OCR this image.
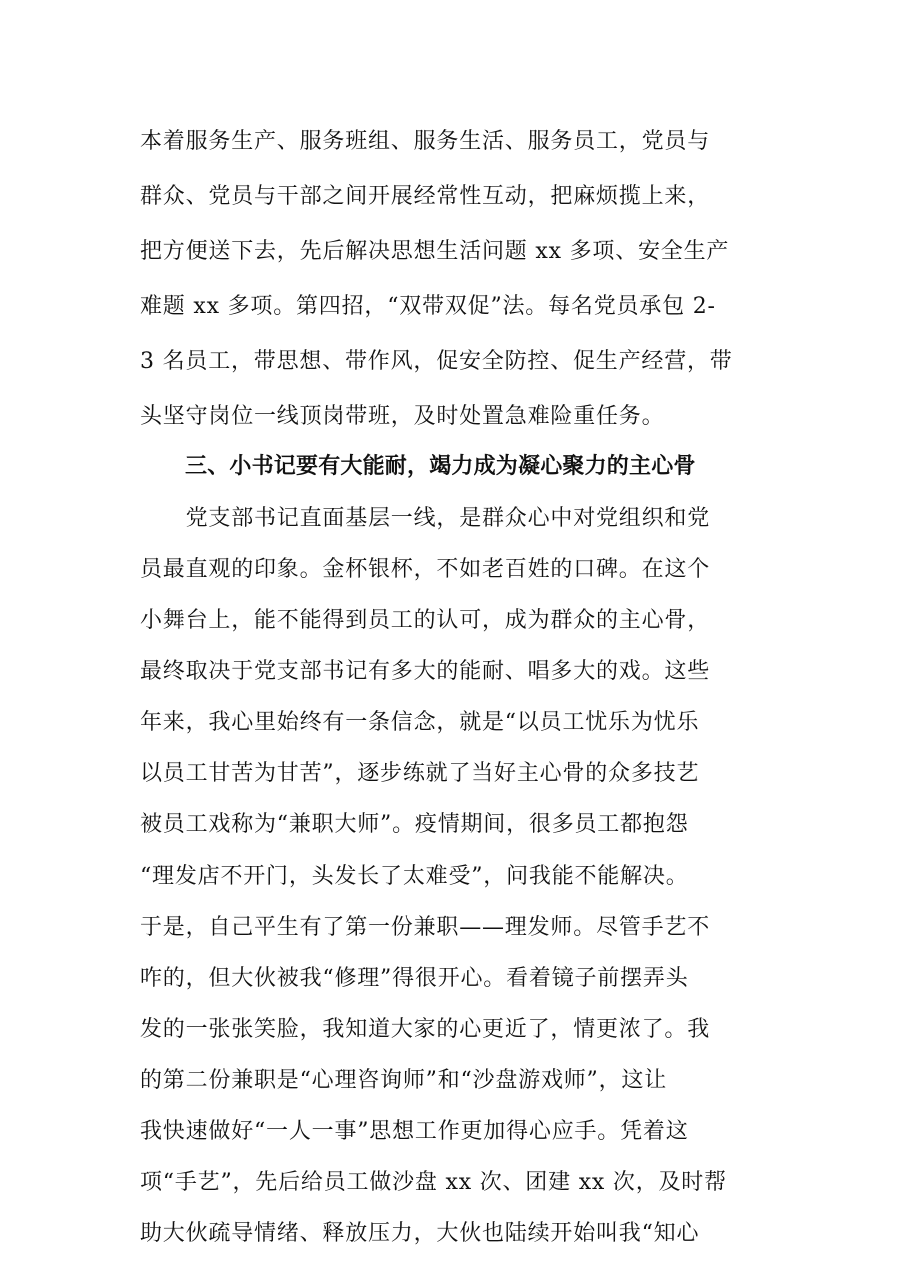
本着服务生产、服务班组、服务生活、服务员工，党员与
群众、党员与干部之间开展经常性互动，把麻烦揽上来，
把方便送下去，先后解决思想生活问题 xx 多项、安全生产
难题 xx 多项。第四招，“双带双促”法。每名党员承包 2-
3 名员工，带思想、带作风，促安全防控、促生产经营，带
头坚守岗位一线顶岗带班，及时处置急难险重任务。
三、小书记要有大能耐，竭力成为凝心聚力的主心骨
　　党支部书记直面基层一线，是群众心中对党组织和党
员最直观的印象。金杯银杯，不如老百姓的口碑。在这个
小舞台上，能不能得到员工的认可，成为群众的主心骨，
最终取决于党支部书记有多大的能耐、唱多大的戏。这些
年来，我心里始终有一条信念，就是“以员工忧乐为忧乐
以员工甘苦为甘苦”，逐步练就了当好主心骨的众多技艺
被员工戏称为“兼职大师”。疫情期间，很多员工都抱怨
“理发店不开门，头发长了太难受”，问我能不能解决。
于是，自己平生有了第一份兼职——理发师。尽管手艺不
咋的，但大伙被我“修理”得很开心。看着镜子前摆弄头
发的一张张笑脸，我知道大家的心更近了，情更浓了。我
的第二份兼职是“心理咨询师”和“沙盘游戏师”，这让
我快速做好“一人一事”思想工作更加得心应手。凭着这
项“手艺”，先后给员工做沙盘 xx 次、团建 xx 次，及时帮
助大伙疏导情绪、释放压力，大伙也陆续开始叫我“知心
